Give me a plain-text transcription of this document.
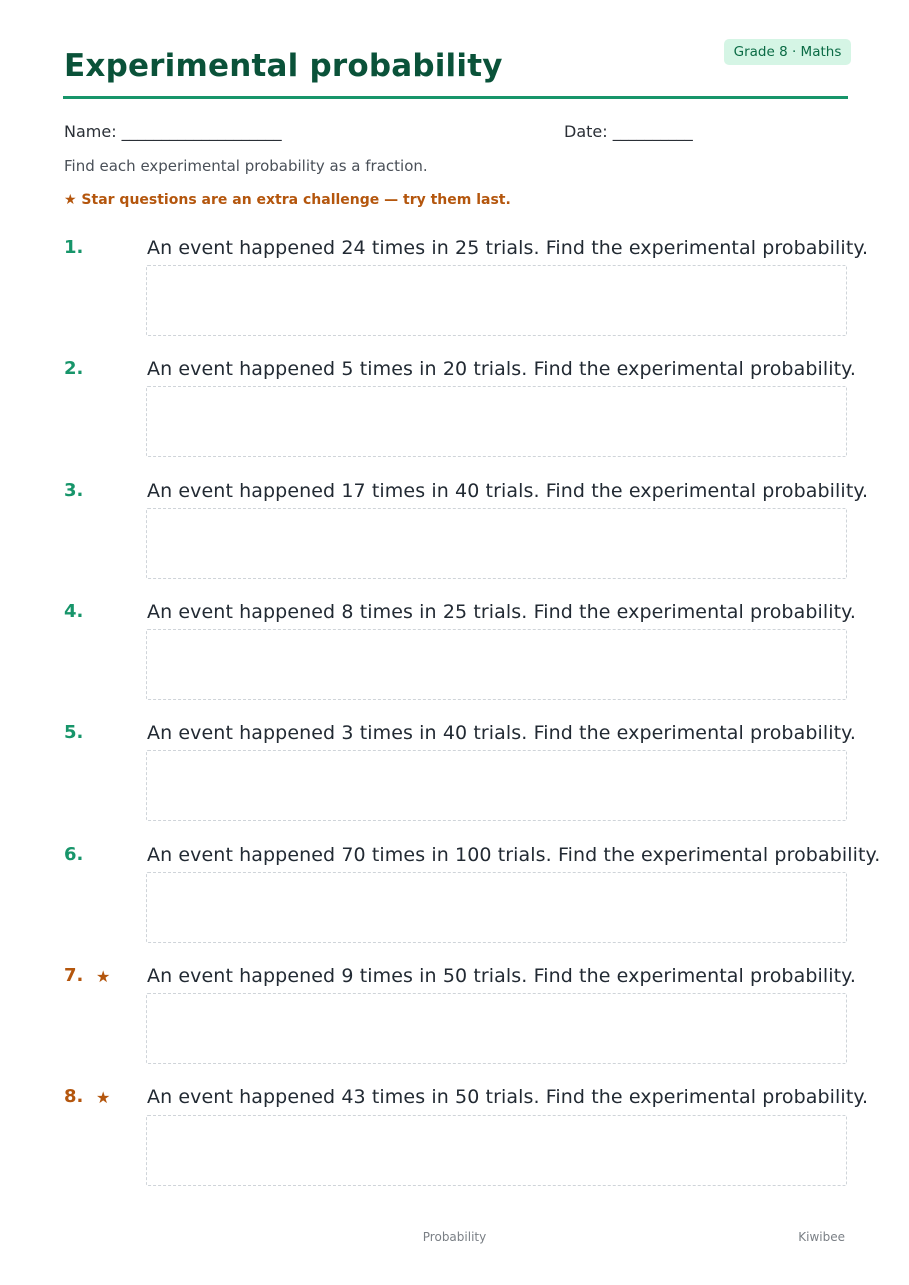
Grade 8 · Maths
Experimental probability
Name: ____________________	Date: __________
Find each experimental probability as a fraction.
★ Star questions are an extra challenge — try them last.
1.	An event happened 24 times in 25 trials. Find the experimental probability.
2.	An event happened 5 times in 20 trials. Find the experimental probability.
3.	An event happened 17 times in 40 trials. Find the experimental probability.
4.	An event happened 8 times in 25 trials. Find the experimental probability.
5.	An event happened 3 times in 40 trials. Find the experimental probability.
6.	An event happened 70 times in 100 trials. Find the experimental probability.
7. ★ An event happened 9 times in 50 trials. Find the experimental probability.
8. ★ An event happened 43 times in 50 trials. Find the experimental probability.
Probability	Kiwibee
